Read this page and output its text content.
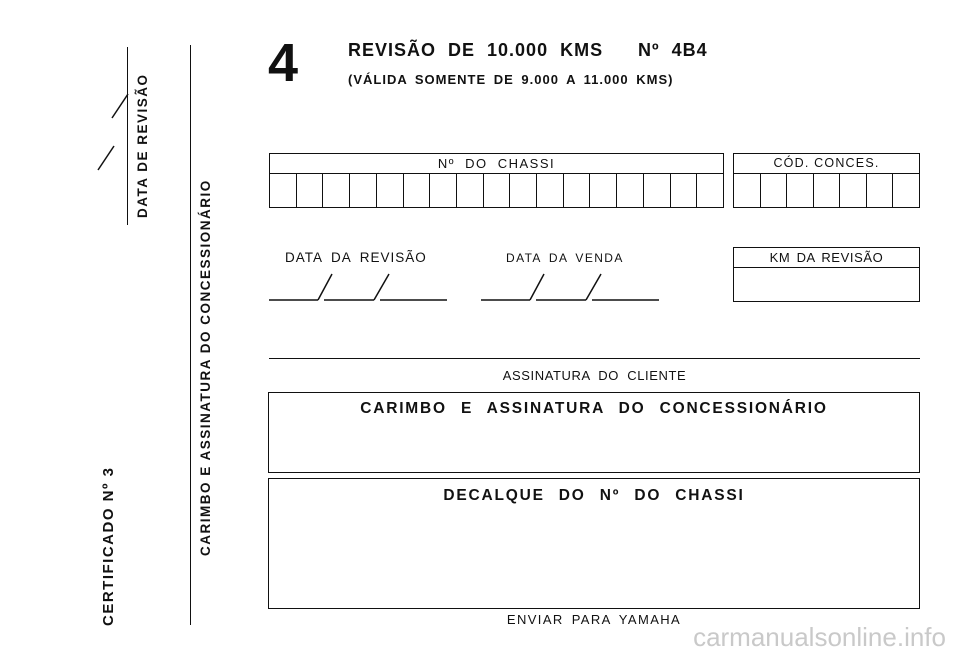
CERTIFICADO Nº 3	CARIMBO E ASSINATURA DO CONCESSIONÁRIO
DATA DE REVISÃO
4	REVISÃO DE 10.000 KMS Nº 4B4
(VÁLIDA SOMENTE DE 9.000 A 11.000 KMS)
Nº DO CHASSI	CÓD. CONCES.
DATA DA REVISÃO	DATA DA VENDA	KM DA REVISÃO
ASSINATURA DO CLIENTE
CARIMBO E ASSINATURA DO CONCESSIONÁRIO
DECALQUE DO Nº DO CHASSI
ENVIAR PARA YAMAHA
carmanualsonline.info
